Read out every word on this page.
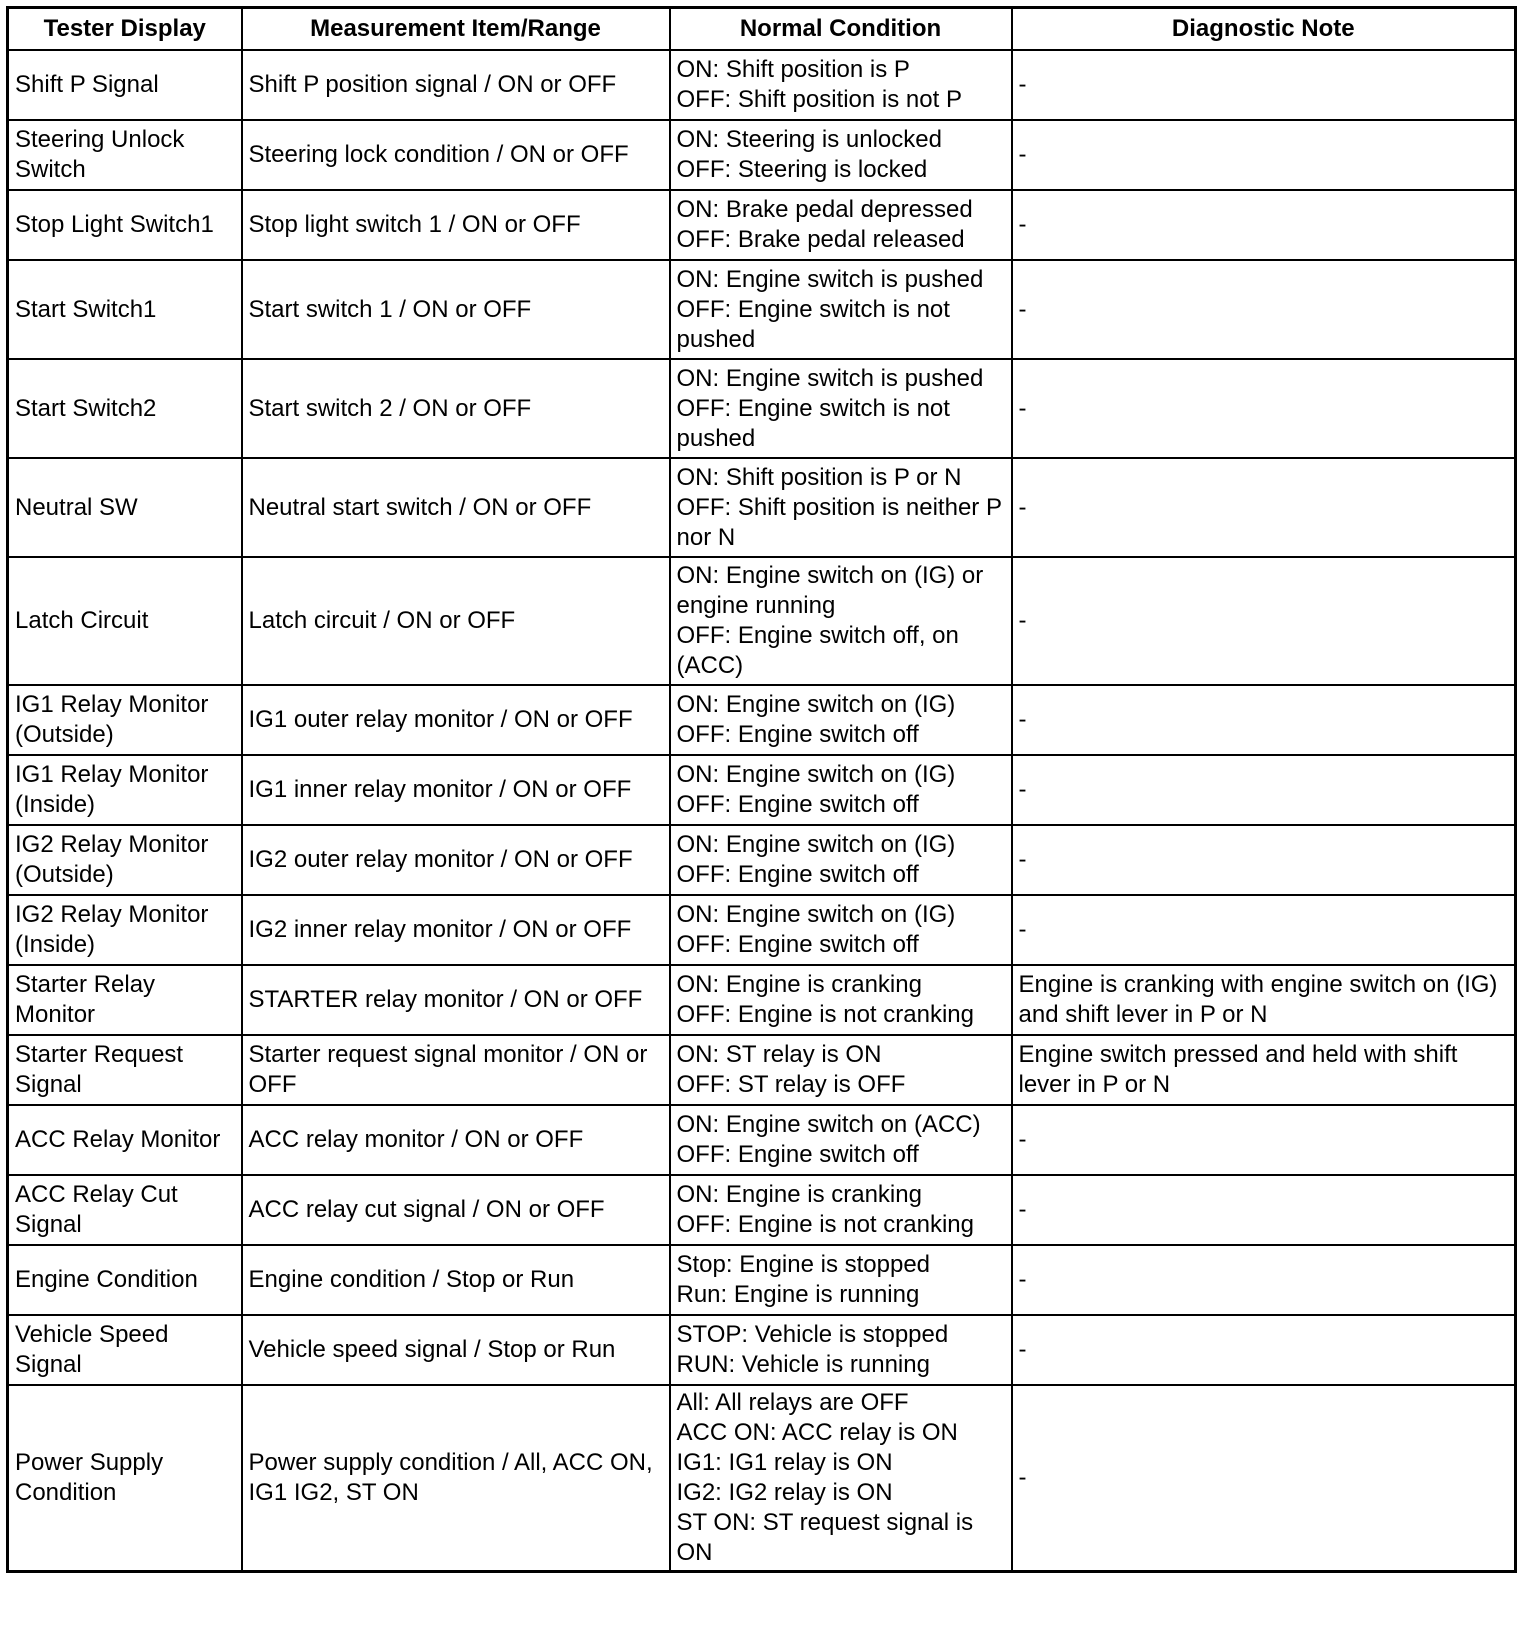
Tester Display	Measurement Item/Range	Normal Condition	Diagnostic Note
Shift P Signal	Shift P position signal / ON or OFF	ON: Shift position is P
OFF: Shift position is not P	-
Steering Unlock Switch	Steering lock condition / ON or OFF	ON: Steering is unlocked
OFF: Steering is locked	-
Stop Light Switch1	Stop light switch 1 / ON or OFF	ON: Brake pedal depressed
OFF: Brake pedal released	-
Start Switch1	Start switch 1 / ON or OFF	ON: Engine switch is pushed
OFF: Engine switch is not pushed	-
Start Switch2	Start switch 2 / ON or OFF	ON: Engine switch is pushed
OFF: Engine switch is not pushed	-
Neutral SW	Neutral start switch / ON or OFF	ON: Shift position is P or N
OFF: Shift position is neither P nor N	-
Latch Circuit	Latch circuit / ON or OFF	ON: Engine switch on (IG) or engine running
OFF: Engine switch off, on (ACC)	-
IG1 Relay Monitor (Outside)	IG1 outer relay monitor / ON or OFF	ON: Engine switch on (IG)
OFF: Engine switch off	-
IG1 Relay Monitor (Inside)	IG1 inner relay monitor / ON or OFF	ON: Engine switch on (IG)
OFF: Engine switch off	-
IG2 Relay Monitor (Outside)	IG2 outer relay monitor / ON or OFF	ON: Engine switch on (IG)
OFF: Engine switch off	-
IG2 Relay Monitor (Inside)	IG2 inner relay monitor / ON or OFF	ON: Engine switch on (IG)
OFF: Engine switch off	-
Starter Relay Monitor	STARTER relay monitor / ON or OFF	ON: Engine is cranking
OFF: Engine is not cranking	Engine is cranking with engine switch on (IG) and shift lever in P or N
Starter Request Signal	Starter request signal monitor / ON or OFF	ON: ST relay is ON
OFF: ST relay is OFF	Engine switch pressed and held with shift lever in P or N
ACC Relay Monitor	ACC relay monitor / ON or OFF	ON: Engine switch on (ACC)
OFF: Engine switch off	-
ACC Relay Cut Signal	ACC relay cut signal / ON or OFF	ON: Engine is cranking
OFF: Engine is not cranking	-
Engine Condition	Engine condition / Stop or Run	Stop: Engine is stopped
Run: Engine is running	-
Vehicle Speed Signal	Vehicle speed signal / Stop or Run	STOP: Vehicle is stopped
RUN: Vehicle is running	-
Power Supply Condition	Power supply condition / All, ACC ON, IG1 IG2, ST ON	All: All relays are OFF
ACC ON: ACC relay is ON
IG1: IG1 relay is ON
IG2: IG2 relay is ON
ST ON: ST request signal is ON	-
